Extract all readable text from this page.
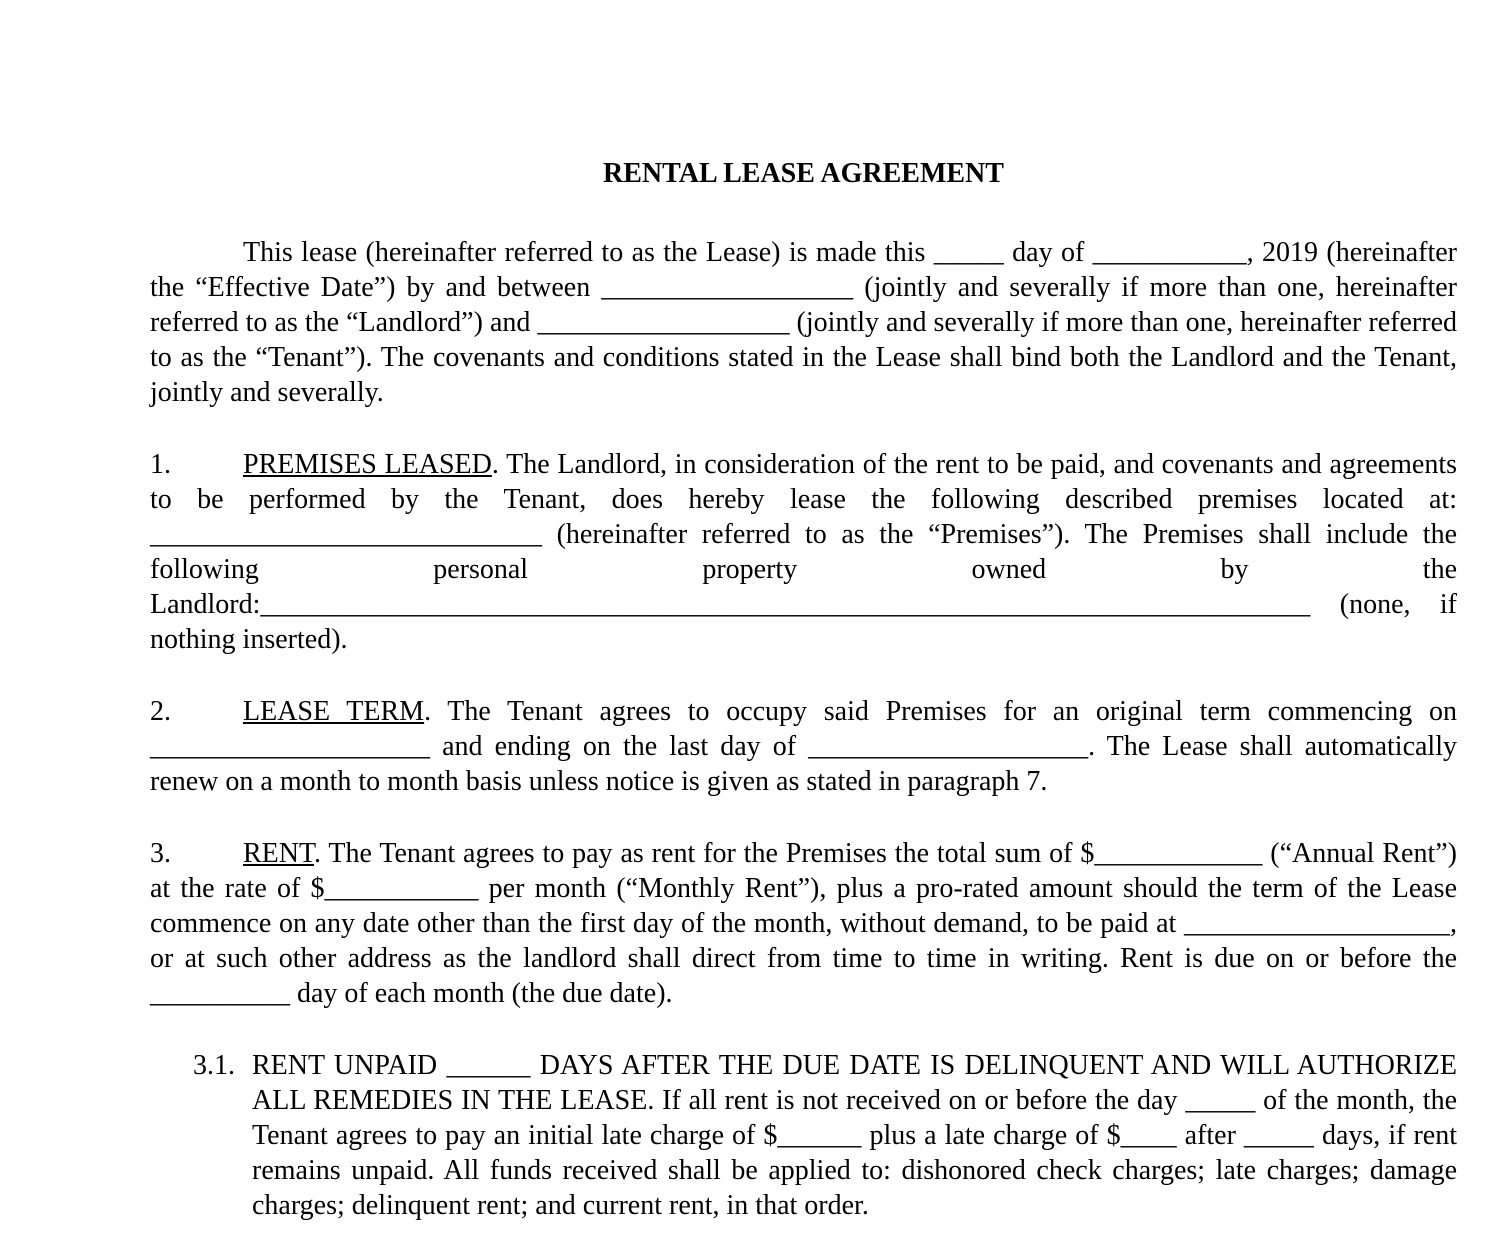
RENTAL LEASE AGREEMENT

This lease (hereinafter referred to as the Lease) is made this _____ day of ___________, 2019 (hereinafter the “Effective Date”) by and between __________________ (jointly and severally if more than one, hereinafter referred to as the “Landlord”) and __________________ (jointly and severally if more than one, hereinafter referred to as the “Tenant”). The covenants and conditions stated in the Lease shall bind both the Landlord and the Tenant, jointly and severally.

1.	PREMISES LEASED. The Landlord, in consideration of the rent to be paid, and covenants and agreements to be performed by the Tenant, does hereby lease the following described premises located at: ____________________________ (hereinafter referred to as the “Premises”). The Premises shall include the following personal property owned by the Landlord:___________________________________________________________________________ (none, if nothing inserted).

2.	LEASE TERM. The Tenant agrees to occupy said Premises for an original term commencing on ____________________ and ending on the last day of ____________________. The Lease shall automatically renew on a month to month basis unless notice is given as stated in paragraph 7.

3.	RENT. The Tenant agrees to pay as rent for the Premises the total sum of $____________ (“Annual Rent”) at the rate of $___________ per month (“Monthly Rent”), plus a pro-rated amount should the term of the Lease commence on any date other than the first day of the month, without demand, to be paid at ___________________, or at such other address as the landlord shall direct from time to time in writing. Rent is due on or before the __________ day of each month (the due date).

3.1. RENT UNPAID ______ DAYS AFTER THE DUE DATE IS DELINQUENT AND WILL AUTHORIZE ALL REMEDIES IN THE LEASE. If all rent is not received on or before the day _____ of the month, the Tenant agrees to pay an initial late charge of $______ plus a late charge of $____ after _____ days, if rent remains unpaid. All funds received shall be applied to: dishonored check charges; late charges; damage charges; delinquent rent; and current rent, in that order.
